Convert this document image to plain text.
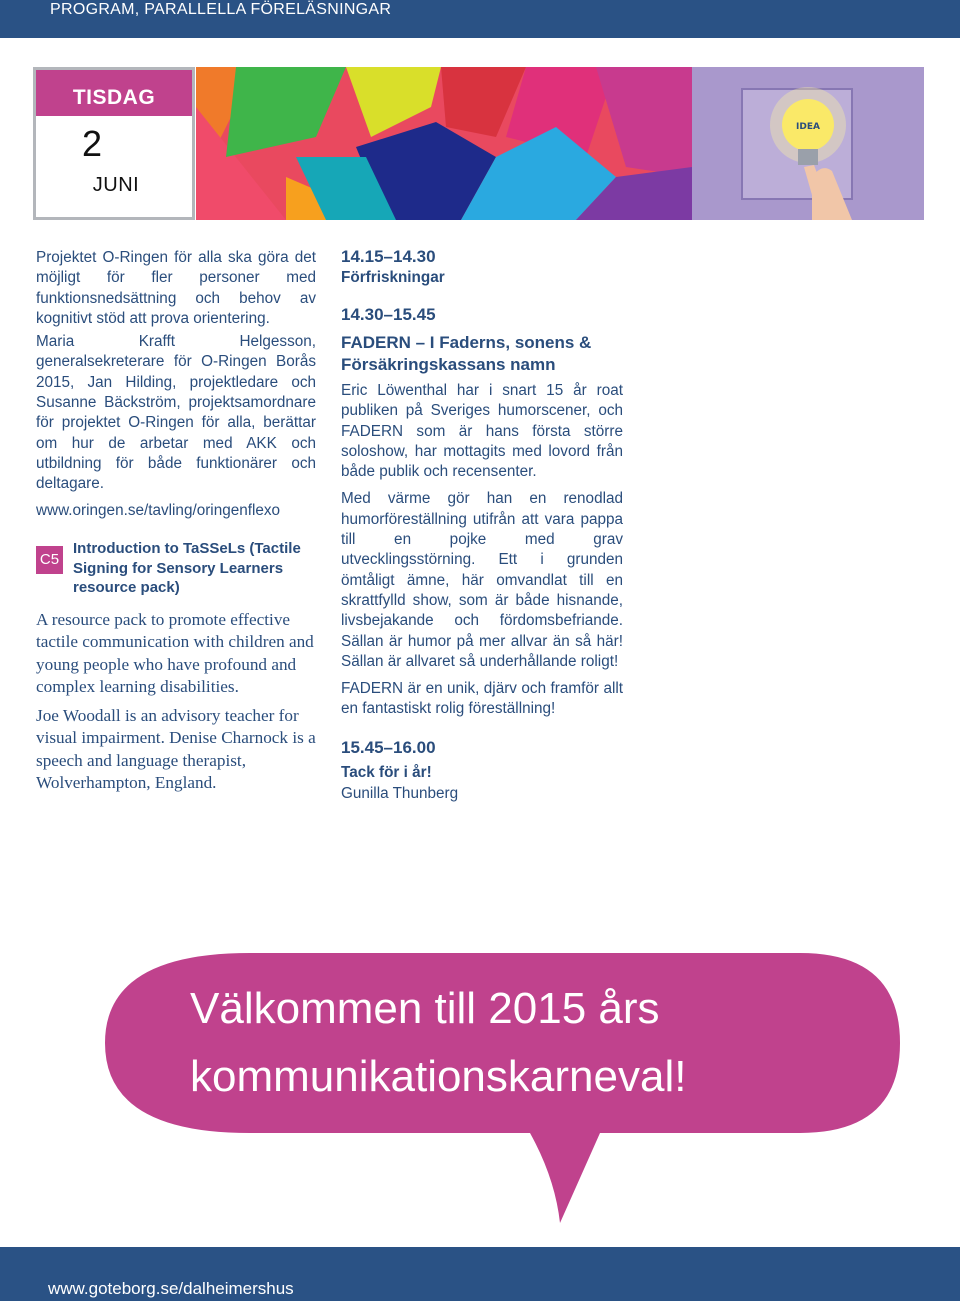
PROGRAM, PARALLELLA FÖRELÄSNINGAR
TISDAG
2
JUNI
IDEA

Projektet O-Ringen för alla ska göra det möjligt för fler personer med funktionsnedsättning och behov av kognitivt stöd att prova orientering.

Maria Krafft Helgesson, generalsekreterare för O-Ringen Borås 2015, Jan Hilding, projektledare och Susanne Bäckström, projektsamordnare för projektet O-Ringen för alla, berättar om hur de arbetar med AKK och utbildning för både funktionärer och deltagare.

www.oringen.se/tavling/oringenflexo

C5
Introduction to TaSSeLs (Tactile Signing for Sensory Learners resource pack)

A resource pack to promote effective tactile communication with children and young people who have profound and complex learning disabilities.

Joe Woodall is an advisory teacher for visual impairment. Denise Charnock is a speech and language therapist, Wolverhampton, England.

14.15–14.30

Förfriskningar

14.30–15.45

FADERN – I Faderns, sonens & Försäkringskassans namn

Eric Löwenthal har i snart 15 år roat publiken på Sveriges humorscener, och FADERN som är hans första större soloshow, har mottagits med lovord från både publik och recensenter.

Med värme gör han en renodlad humorföreställning utifrån att vara pappa till en pojke med grav utvecklingsstörning. Ett i grunden ömtåligt ämne, här omvandlat till en skrattfylld show, som är både hisnande, livsbejakande och fördomsbefriande. Sällan är humor på mer allvar än så här! Sällan är allvaret så underhållande roligt!

FADERN är en unik, djärv och framför allt en fantastiskt rolig föreställning!

15.45–16.00

Tack för i år!

Gunilla Thunberg

Välkommen till 2015 års
kommunikationskarneval!
www.goteborg.se/dalheimershus
